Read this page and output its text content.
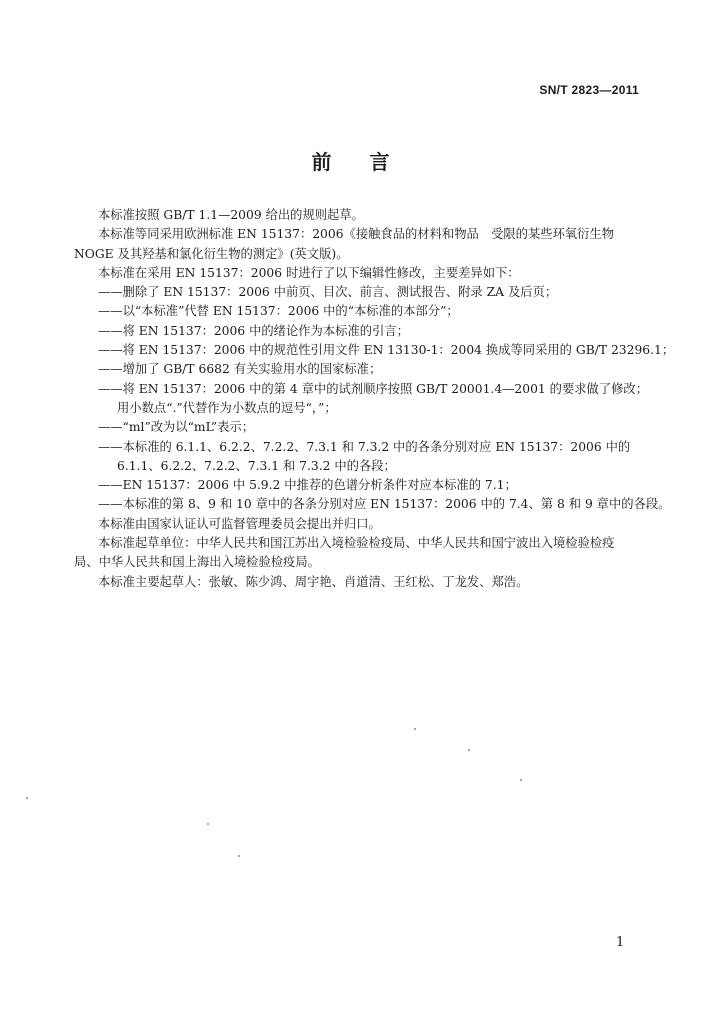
SN/T 2823—2011
前言

本标准按照 GB/T 1.1—2009 给出的规则起草。

本标准等同采用欧洲标准 EN 15137：2006《接触食品的材料和物品　受限的某些环氧衍生物

NOGE 及其羟基和氯化衍生物的测定》(英文版)。

本标准在采用 EN 15137：2006 时进行了以下编辑性修改，主要差异如下：

——删除了 EN 15137：2006 中前页、目次、前言、测试报告、附录 ZA 及后页；

——以“本标准”代替 EN 15137：2006 中的“本标准的本部分”；

——将 EN 15137：2006 中的绪论作为本标准的引言；

——将 EN 15137：2006 中的规范性引用文件 EN 13130-1：2004 换成等同采用的 GB/T 23296.1；

——增加了 GB/T 6682 有关实验用水的国家标准；

——将 EN 15137：2006 中的第 4 章中的试剂顺序按照 GB/T 20001.4—2001 的要求做了修改；

用小数点“.”代替作为小数点的逗号“，”；

——“ml”改为以“mL”表示；

——本标准的 6.1.1、6.2.2、7.2.2、7.3.1 和 7.3.2 中的各条分别对应 EN 15137：2006 中的

6.1.1、6.2.2、7.2.2、7.3.1 和 7.3.2 中的各段；

——EN 15137：2006 中 5.9.2 中推荐的色谱分析条件对应本标准的 7.1；

——本标准的第 8、9 和 10 章中的各条分别对应 EN 15137：2006 中的 7.4、第 8 和 9 章中的各段。

本标准由国家认证认可监督管理委员会提出并归口。

本标准起草单位：中华人民共和国江苏出入境检验检疫局、中华人民共和国宁波出入境检验检疫

局、中华人民共和国上海出入境检验检疫局。

本标准主要起草人：张敏、陈少鸿、周宇艳、肖道清、王红松、丁龙发、郑浩。

1
